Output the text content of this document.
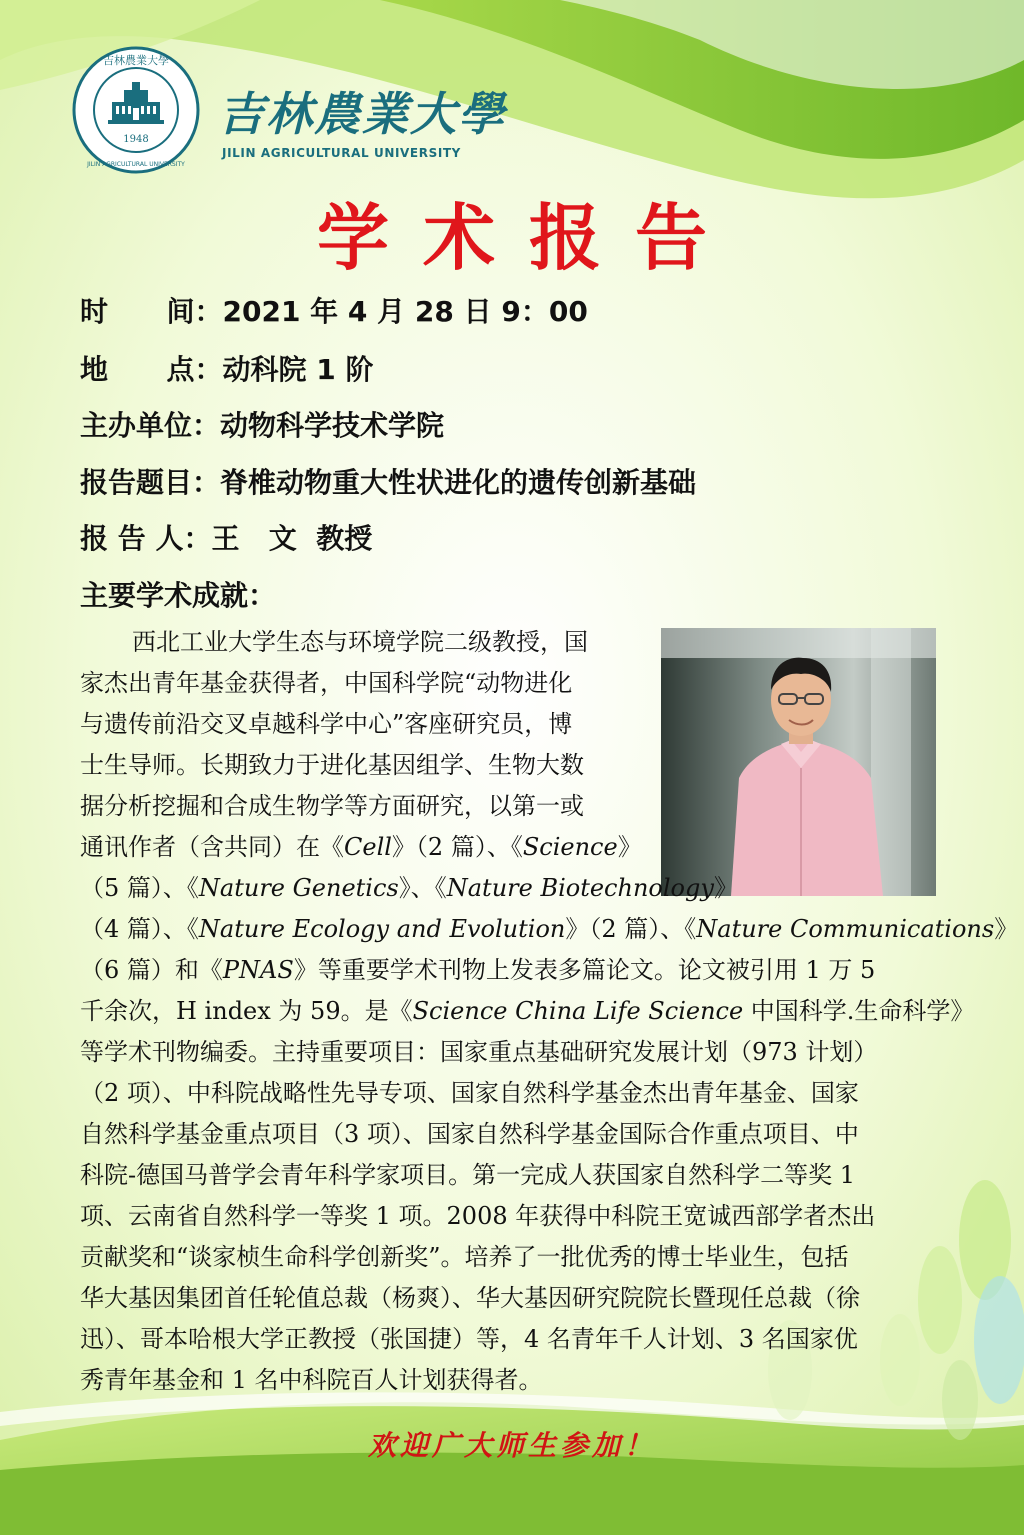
1948
吉林農業大學
JILIN AGRICULTURAL UNIVERSITY
吉林農業大學
JILIN AGRICULTURAL UNIVERSITY
学术报告
时      间：2021 年 4 月 28 日 9：00
地      点：动科院 1 阶
主办单位：动物科学技术学院
报告题目：脊椎动物重大性状进化的遗传创新基础
报 告 人：王   文  教授
主要学术成就：
西北工业大学生态与环境学院二级教授，国
家杰出青年基金获得者，中国科学院“动物进化
与遗传前沿交叉卓越科学中心”客座研究员，博
士生导师。长期致力于进化基因组学、生物大数
据分析挖掘和合成生物学等方面研究，以第一或
通讯作者（含共同）在《Cell》（2 篇）、《Science》
（5 篇）、《Nature Genetics》、《Nature Biotechnology》
（4 篇）、《Nature Ecology and Evolution》（2 篇）、《Nature Communications》
（6 篇）和《PNAS》等重要学术刊物上发表多篇论文。论文被引用 1 万 5
千余次，H index 为 59。是《Science China Life Science 中国科学.生命科学》
等学术刊物编委。主持重要项目：国家重点基础研究发展计划（973 计划）
（2 项）、中科院战略性先导专项、国家自然科学基金杰出青年基金、国家
自然科学基金重点项目（3 项）、国家自然科学基金国际合作重点项目、中
科院-德国马普学会青年科学家项目。第一完成人获国家自然科学二等奖 1
项、云南省自然科学一等奖 1 项。2008 年获得中科院王宽诚西部学者杰出
贡献奖和“谈家桢生命科学创新奖”。培养了一批优秀的博士毕业生，包括
华大基因集团首任轮值总裁（杨爽）、华大基因研究院院长暨现任总裁（徐
迅）、哥本哈根大学正教授（张国捷）等，4 名青年千人计划、3 名国家优
秀青年基金和 1 名中科院百人计划获得者。
欢迎广大师生参加！
